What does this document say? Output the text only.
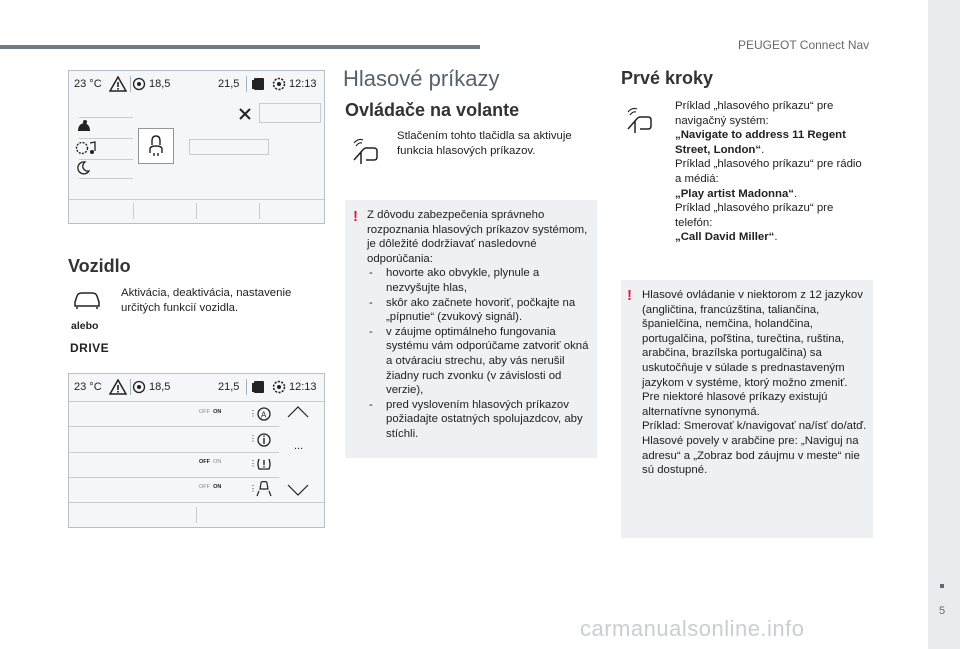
PEUGEOT Connect Nav
5
carmanualsonline.info
23 °C	18,5	21,5	12:13
Vozidlo

Aktivácia, deaktivácia, nastavenie určitých funkcií vozidla.

alebo
DRIVE
23 °C	18,5	21,5	12:13
OFF ON	⋮ A
⋮
...
OFF ON	⋮
OFF ON	⋮
Hlasové príkazy
Ovládače na volante

Stlačením tohto tlačidla sa aktivuje funkcia hlasových príkazov.

! Z dôvodu zabezpečenia správneho rozpoznania hlasových príkazov systémom, je dôležité dodržiavať nasledovné odporúčania:
- hovorte ako obvykle, plynule a nezvyšujte hlas,
- skôr ako začnete hovoriť, počkajte na „pípnutie“ (zvukový signál).
- v záujme optimálneho fungovania systému vám odporúčame zatvoriť okná a otváraciu strechu, aby vás nerušil žiadny ruch zvonku (v závislosti od verzie),
- pred vyslovením hlasových príkazov požiadajte ostatných spolujazdcov, aby stíchli.
Prvé kroky
Príklad „hlasového príkazu“ pre navigačný systém:
„Navigate to address 11 Regent Street, London“.
Príklad „hlasového príkazu“ pre rádio a médiá:
„Play artist Madonna“.
Príklad „hlasového príkazu“ pre telefón:
„Call David Miller“.
! Hlasové ovládanie v niektorom z 12 jazykov (angličtina, francúzština, taliančina, španielčina, nemčina, holandčina, portugalčina, poľština, turečtina, ruština, arabčina, brazílska portugalčina) sa uskutočňuje v súlade s prednastaveným jazykom v systéme, ktorý možno zmeniť.
Pre niektoré hlasové príkazy existujú alternatívne synonymá.
Príklad: Smerovať k/navigovať na/ísť do/atď.
Hlasové povely v arabčine pre: „Naviguj na adresu“ a „Zobraz bod záujmu v meste“ nie sú dostupné.
